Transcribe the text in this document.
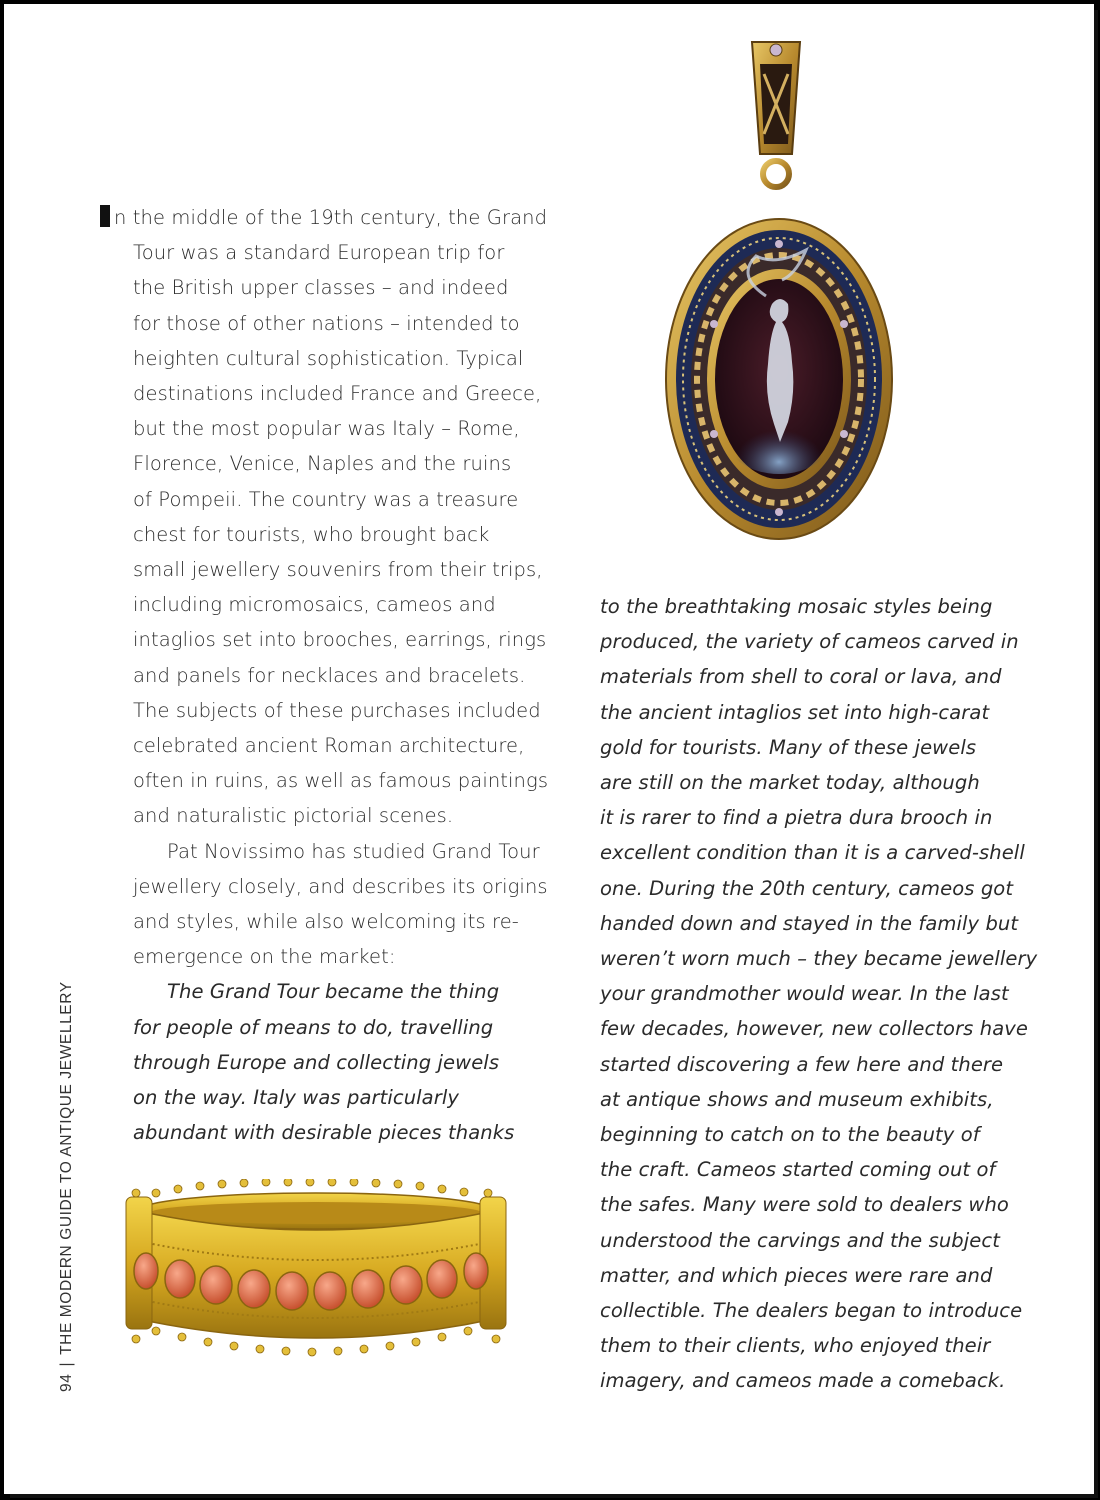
n the middle of the 19th century, the Grand
Tour was a standard European trip for
the British upper classes – and indeed
for those of other nations – intended to
heighten cultural sophistication. Typical
destinations included France and Greece,
but the most popular was Italy – Rome,
Florence, Venice, Naples and the ruins
of Pompeii. The country was a treasure
chest for tourists, who brought back
small jewellery souvenirs from their trips,
including micromosaics, cameos and
intaglios set into brooches, earrings, rings
and panels for necklaces and bracelets.
The subjects of these purchases included
celebrated ancient Roman architecture,
often in ruins, as well as famous paintings
and naturalistic pictorial scenes.
Pat Novissimo has studied Grand Tour
jewellery closely, and describes its origins
and styles, while also welcoming its re-
emergence on the market:
The Grand Tour became the thing
for people of means to do, travelling
through Europe and collecting jewels
on the way. Italy was particularly
abundant with desirable pieces thanks
to the breathtaking mosaic styles being
produced, the variety of cameos carved in
materials from shell to coral or lava, and
the ancient intaglios set into high-carat
gold for tourists. Many of these jewels
are still on the market today, although
it is rarer to find a pietra dura brooch in
excellent condition than it is a carved-shell
one. During the 20th century, cameos got
handed down and stayed in the family but
weren’t worn much – they became jewellery
your grandmother would wear. In the last
few decades, however, new collectors have
started discovering a few here and there
at antique shows and museum exhibits,
beginning to catch on to the beauty of
the craft. Cameos started coming out of
the safes. Many were sold to dealers who
understood the carvings and the subject
matter, and which pieces were rare and
collectible. The dealers began to introduce
them to their clients, who enjoyed their
imagery, and cameos made a comeback.
94|THE MODERN GUIDE TO ANTIQUE JEWELLERY
